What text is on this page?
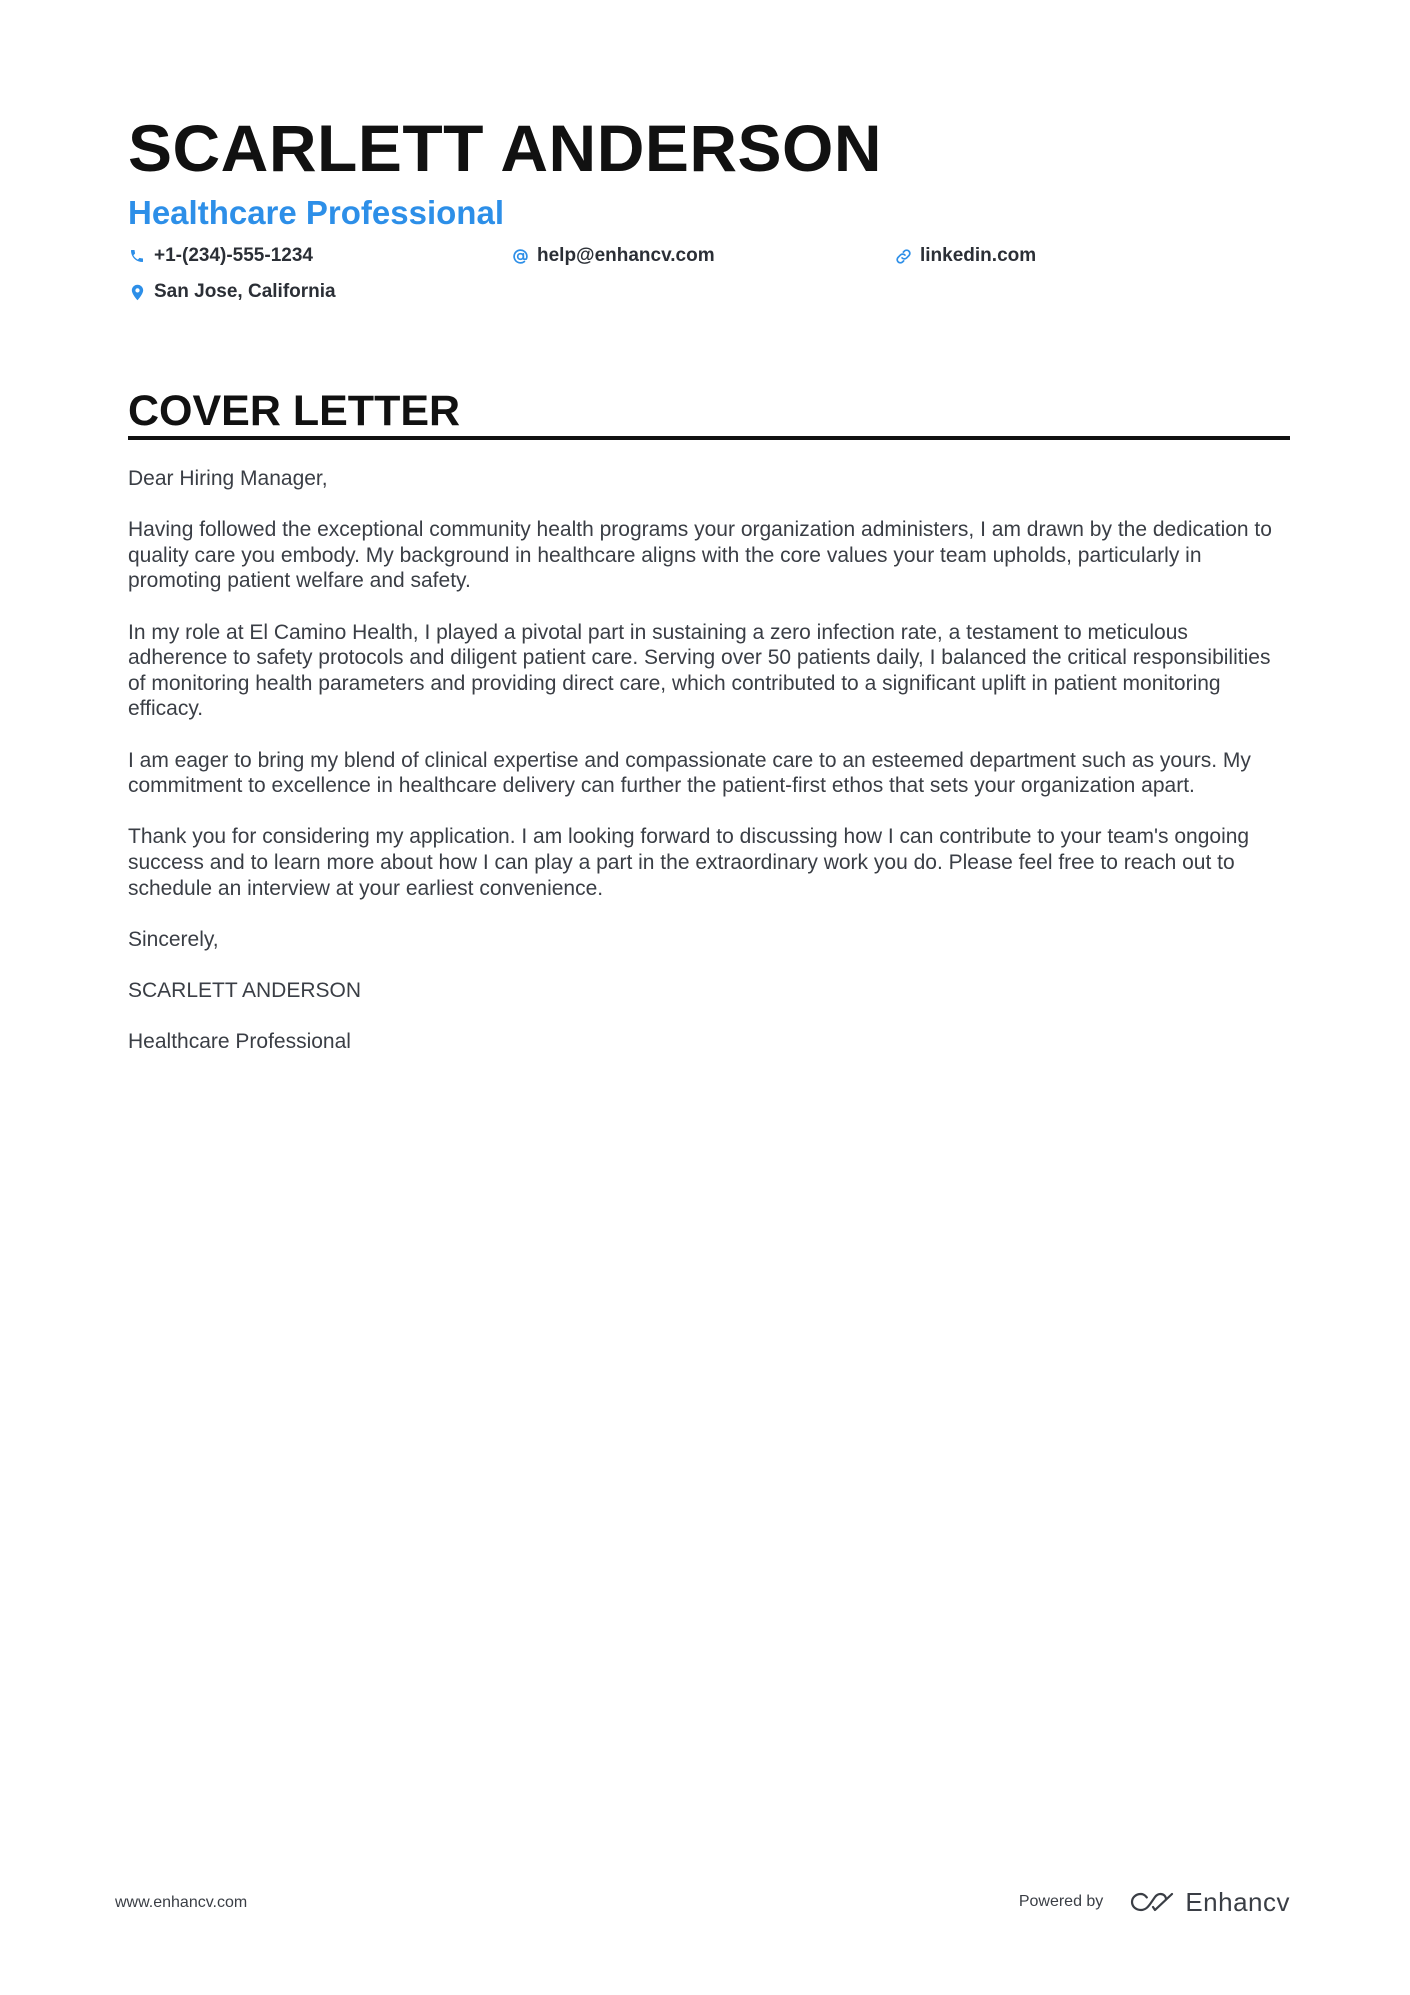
SCARLETT ANDERSON
Healthcare Professional
+1-(234)-555-1234	help@enhancv.com	linkedin.com
San Jose, California
COVER LETTER

Dear Hiring Manager,

Having followed the exceptional community health programs your organization administers, I am drawn by the dedication to quality care you embody. My background in healthcare aligns with the core values your team upholds, particularly in promoting patient welfare and safety.

In my role at El Camino Health, I played a pivotal part in sustaining a zero infection rate, a testament to meticulous adherence to safety protocols and diligent patient care. Serving over 50 patients daily, I balanced the critical responsibilities of monitoring health parameters and providing direct care, which contributed to a significant uplift in patient monitoring efficacy.

I am eager to bring my blend of clinical expertise and compassionate care to an esteemed department such as yours. My commitment to excellence in healthcare delivery can further the patient-first ethos that sets your organization apart.

Thank you for considering my application. I am looking forward to discussing how I can contribute to your team's ongoing success and to learn more about how I can play a part in the extraordinary work you do. Please feel free to reach out to schedule an interview at your earliest convenience.

Sincerely,

SCARLETT ANDERSON

Healthcare Professional

www.enhancv.com	Powered by	Enhancv
